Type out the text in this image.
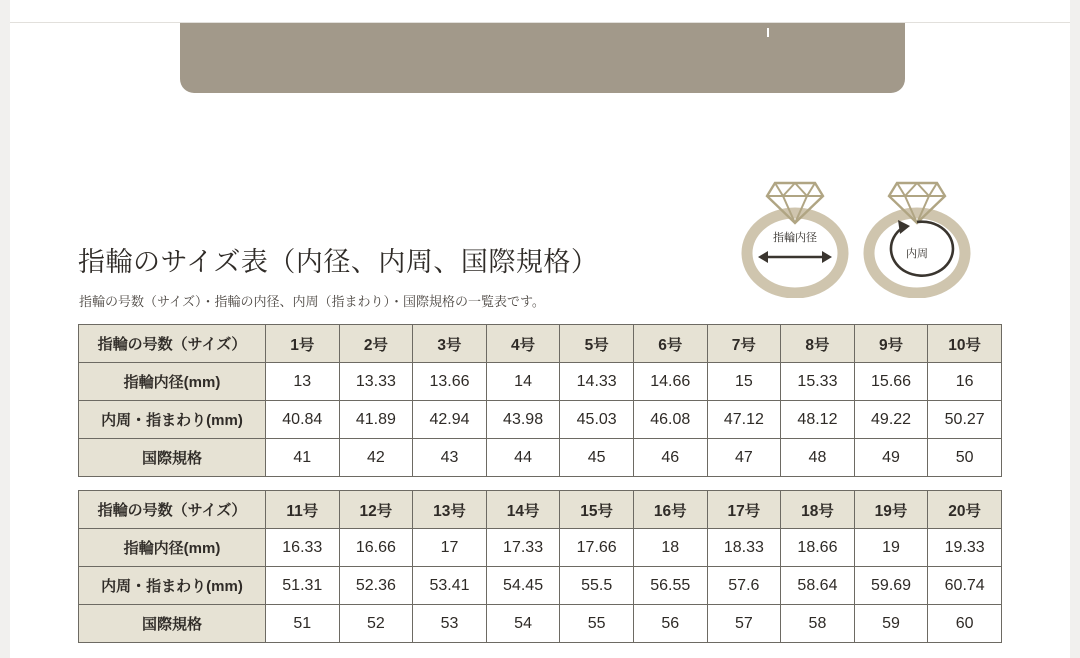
指輪のサイズ表（内径、内周、国際規格）

指輪の号数（サイズ）・指輪の内径、内周（指まわり）・国際規格の一覧表です。

指輪内径
内周
指輪の号数（サイズ）	1号	2号	3号	4号	5号	6号	7号	8号	9号	10号
指輪内径(mm)	13	13.33	13.66	14	14.33	14.66	15	15.33	15.66	16
内周・指まわり(mm)	40.84	41.89	42.94	43.98	45.03	46.08	47.12	48.12	49.22	50.27
国際規格	41	42	43	44	45	46	47	48	49	50
指輪の号数（サイズ）	11号	12号	13号	14号	15号	16号	17号	18号	19号	20号
指輪内径(mm)	16.33	16.66	17	17.33	17.66	18	18.33	18.66	19	19.33
内周・指まわり(mm)	51.31	52.36	53.41	54.45	55.5	56.55	57.6	58.64	59.69	60.74
国際規格	51	52	53	54	55	56	57	58	59	60
